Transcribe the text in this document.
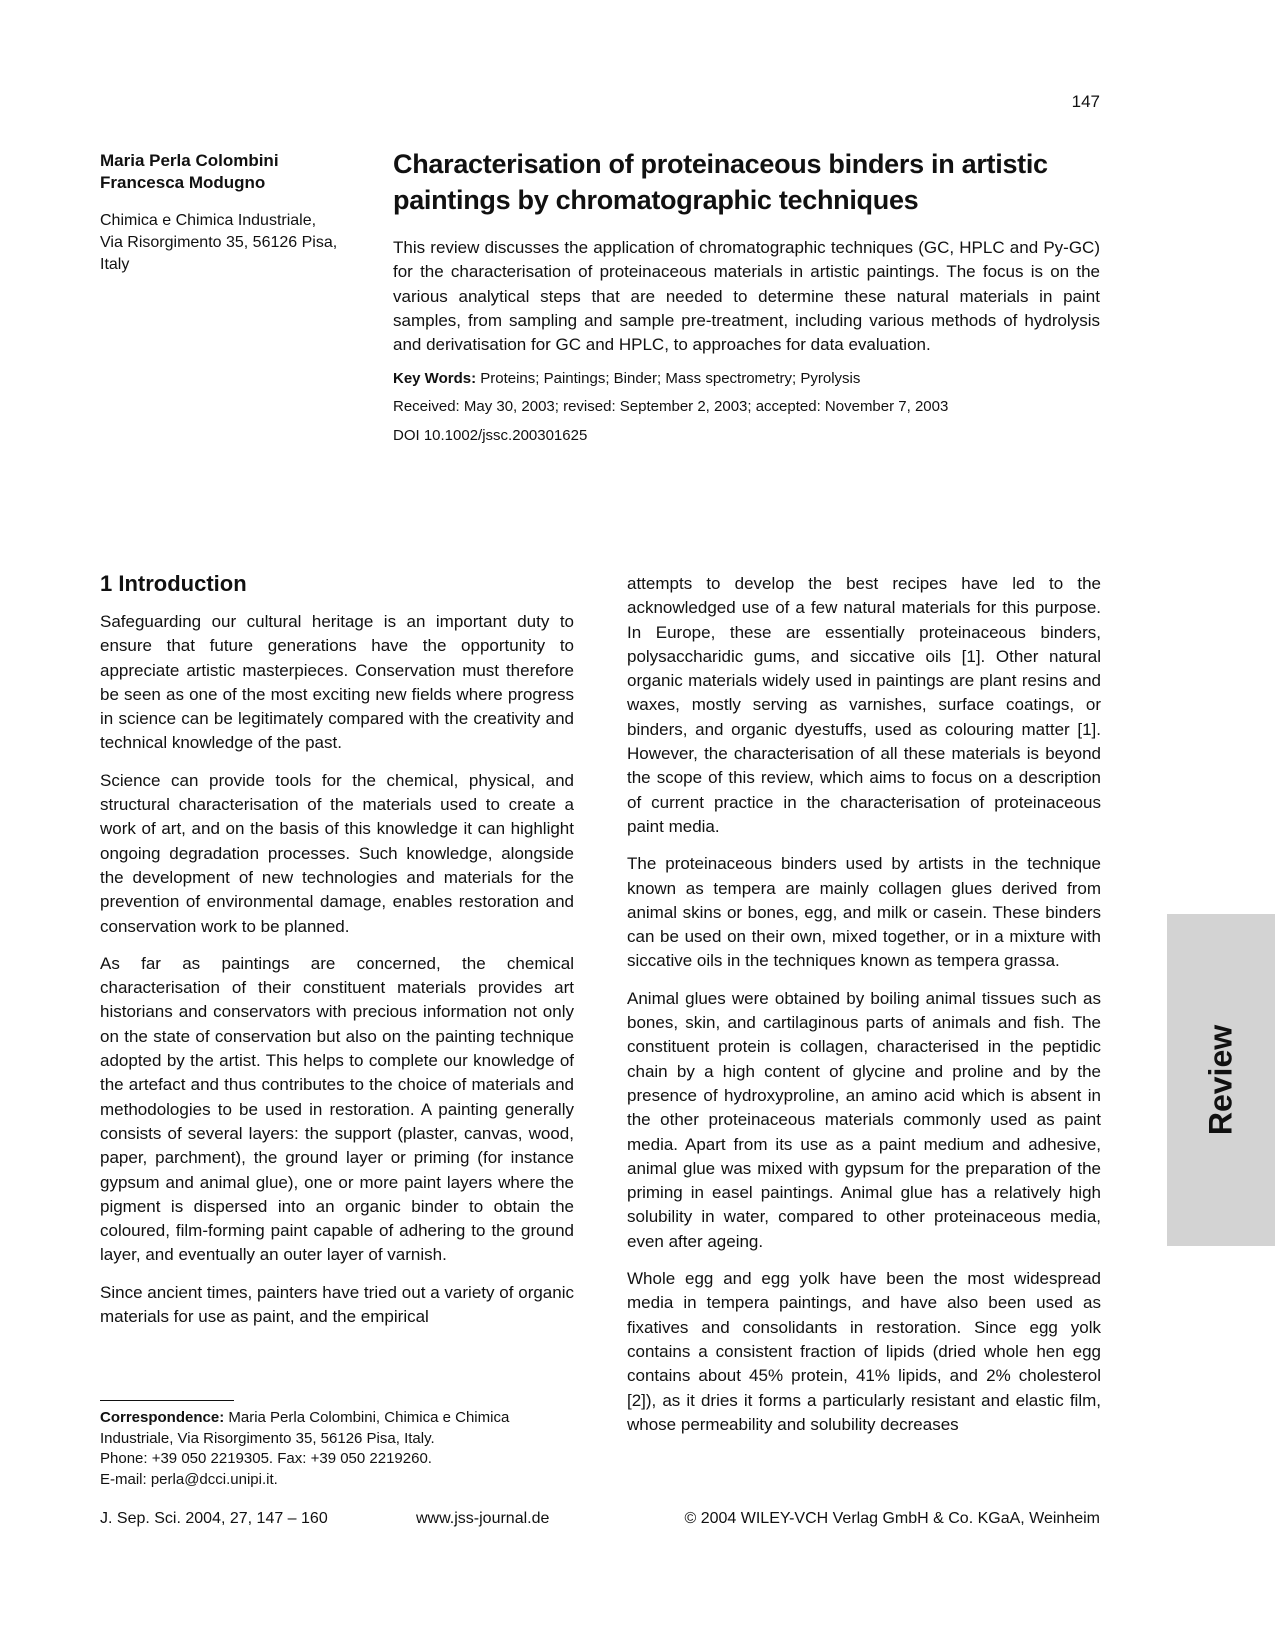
147
Maria Perla Colombini
Francesca Modugno
Chimica e Chimica Industriale,
Via Risorgimento 35, 56126 Pisa,
Italy
Characterisation of proteinaceous binders in artistic paintings by chromatographic techniques
This review discusses the application of chromatographic techniques (GC, HPLC and Py-GC) for the characterisation of proteinaceous materials in artistic paintings. The focus is on the various analytical steps that are needed to determine these natural materials in paint samples, from sampling and sample pre-treatment, including various methods of hydrolysis and derivatisation for GC and HPLC, to approaches for data evaluation.
Key Words: Proteins; Paintings; Binder; Mass spectrometry; Pyrolysis
Received: May 30, 2003; revised: September 2, 2003; accepted: November 7, 2003
DOI 10.1002/jssc.200301625
1 Introduction

Safeguarding our cultural heritage is an important duty to ensure that future generations have the opportunity to appreciate artistic masterpieces. Conservation must therefore be seen as one of the most exciting new fields where progress in science can be legitimately compared with the creativity and technical knowledge of the past.

Science can provide tools for the chemical, physical, and structural characterisation of the materials used to create a work of art, and on the basis of this knowledge it can highlight ongoing degradation processes. Such knowledge, alongside the development of new technologies and materials for the prevention of environmental damage, enables restoration and conservation work to be planned.

As far as paintings are concerned, the chemical characterisation of their constituent materials provides art historians and conservators with precious information not only on the state of conservation but also on the painting technique adopted by the artist. This helps to complete our knowledge of the artefact and thus contributes to the choice of materials and methodologies to be used in restoration. A painting generally consists of several layers: the support (plaster, canvas, wood, paper, parchment), the ground layer or priming (for instance gypsum and animal glue), one or more paint layers where the pigment is dispersed into an organic binder to obtain the coloured, film-forming paint capable of adhering to the ground layer, and eventually an outer layer of varnish.

Since ancient times, painters have tried out a variety of organic materials for use as paint, and the empirical

attempts to develop the best recipes have led to the acknowledged use of a few natural materials for this purpose. In Europe, these are essentially proteinaceous binders, polysaccharidic gums, and siccative oils [1]. Other natural organic materials widely used in paintings are plant resins and waxes, mostly serving as varnishes, surface coatings, or binders, and organic dyestuffs, used as colouring matter [1]. However, the characterisation of all these materials is beyond the scope of this review, which aims to focus on a description of current practice in the characterisation of proteinaceous paint media.

The proteinaceous binders used by artists in the technique known as tempera are mainly collagen glues derived from animal skins or bones, egg, and milk or casein. These binders can be used on their own, mixed together, or in a mixture with siccative oils in the techniques known as tempera grassa.

Animal glues were obtained by boiling animal tissues such as bones, skin, and cartilaginous parts of animals and fish. The constituent protein is collagen, characterised in the peptidic chain by a high content of glycine and proline and by the presence of hydroxyproline, an amino acid which is absent in the other proteinaceous materials commonly used as paint media. Apart from its use as a paint medium and adhesive, animal glue was mixed with gypsum for the preparation of the priming in easel paintings. Animal glue has a relatively high solubility in water, compared to other proteinaceous media, even after ageing.

Whole egg and egg yolk have been the most widespread media in tempera paintings, and have also been used as fixatives and consolidants in restoration. Since egg yolk contains a consistent fraction of lipids (dried whole hen egg contains about 45% protein, 41% lipids, and 2% cholesterol [2]), as it dries it forms a particularly resistant and elastic film, whose permeability and solubility decreases

Correspondence: Maria Perla Colombini, Chimica e Chimica Industriale, Via Risorgimento 35, 56126 Pisa, Italy.
Phone: +39 050 2219305. Fax: +39 050 2219260.
E-mail: perla@dcci.unipi.it.
J. Sep. Sci. 2004, 27, 147 – 160	www.jss-journal.de	© 2004 WILEY-VCH Verlag GmbH & Co. KGaA, Weinheim
Review
